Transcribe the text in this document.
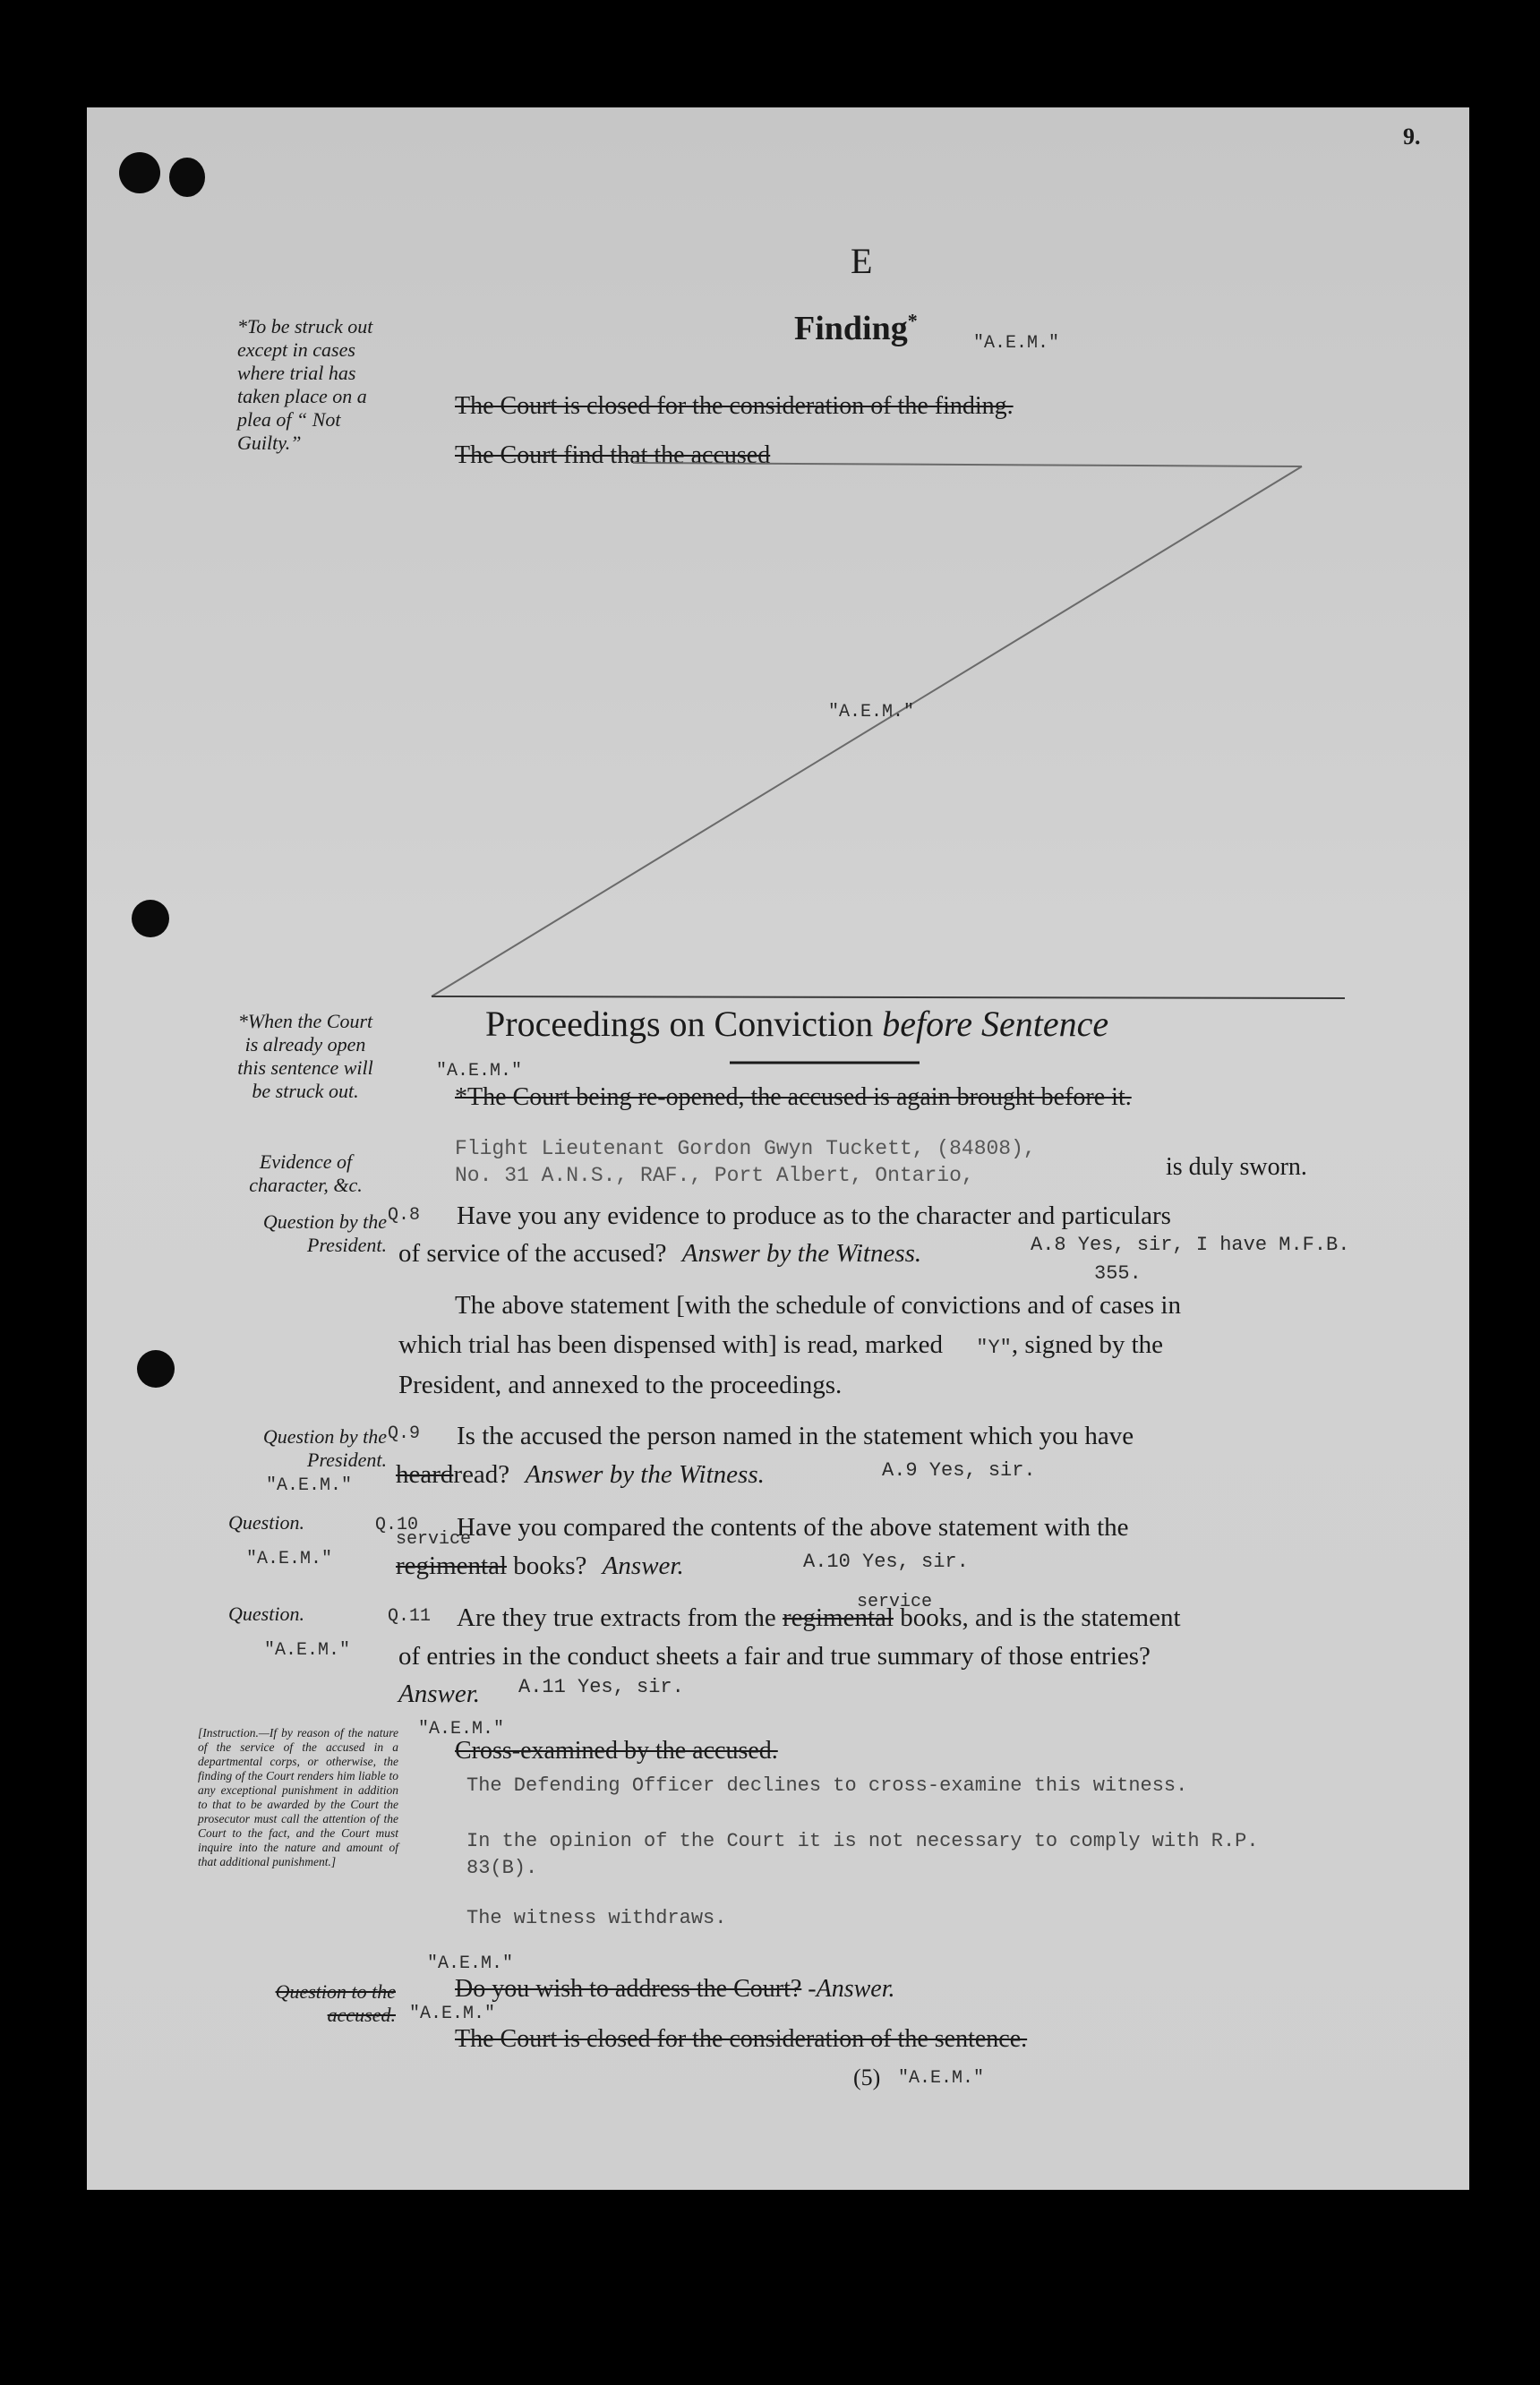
9.
E
*To be struck out except in cases where trial has taken place on a plea of “ Not Guilty.”
Finding*
"A.E.M."
The Court is closed for the consideration of the finding.
The Court find that the accused
"A.E.M."
Proceedings on Conviction before Sentence
*When the Court is already open this sentence will be struck out.
Evidence of character, &c.
"A.E.M."
*The Court being re-opened, the accused is again brought before it.
Flight Lieutenant Gordon Gwyn Tuckett, (84808),
No. 31 A.N.S., RAF., Port Albert, Ontario,	is duly sworn.
Question by the President.
Q.8 Have you any evidence to produce as to the character and particulars
of service of the accused? Answer by the Witness.	A.8 Yes, sir, I have M.F.B.
355.
The above statement [with the schedule of convictions and of cases in
which trial has been dispensed with] is read, marked "Y", signed by the
President, and annexed to the proceedings.
Question by the President.
"A.E.M."
Q.9 Is the accused the person named in the statement which you have
heardread? Answer by the Witness.	A.9 Yes, sir.
Question.
"A.E.M."
Q.10 Have you compared the contents of the above statement with the
service
regimental books? Answer.	A.10 Yes, sir.
Question.
"A.E.M."
Q.11
service
Are they true extracts from the regimental books, and is the statement
of entries in the conduct sheets a fair and true summary of those entries?
Answer. A.11 Yes, sir.
[Instruction.—If by reason of the nature of the service of the accused in a departmental corps, or otherwise, the finding of the Court renders him liable to any exceptional punishment in addition to that to be awarded by the Court the prosecutor must call the attention of the Court to the fact, and the Court must inquire into the nature and amount of that additional punishment.]
"A.E.M."
Cross-examined by the accused.
The Defending Officer declines to cross-examine this witness.
In the opinion of the Court it is not necessary to comply with R.P.
83(B).
The witness withdraws.
"A.E.M."
Question to the accused.
Do you wish to address the Court? -Answer.
"A.E.M."
The Court is closed for the consideration of the sentence.
(5) "A.E.M."
